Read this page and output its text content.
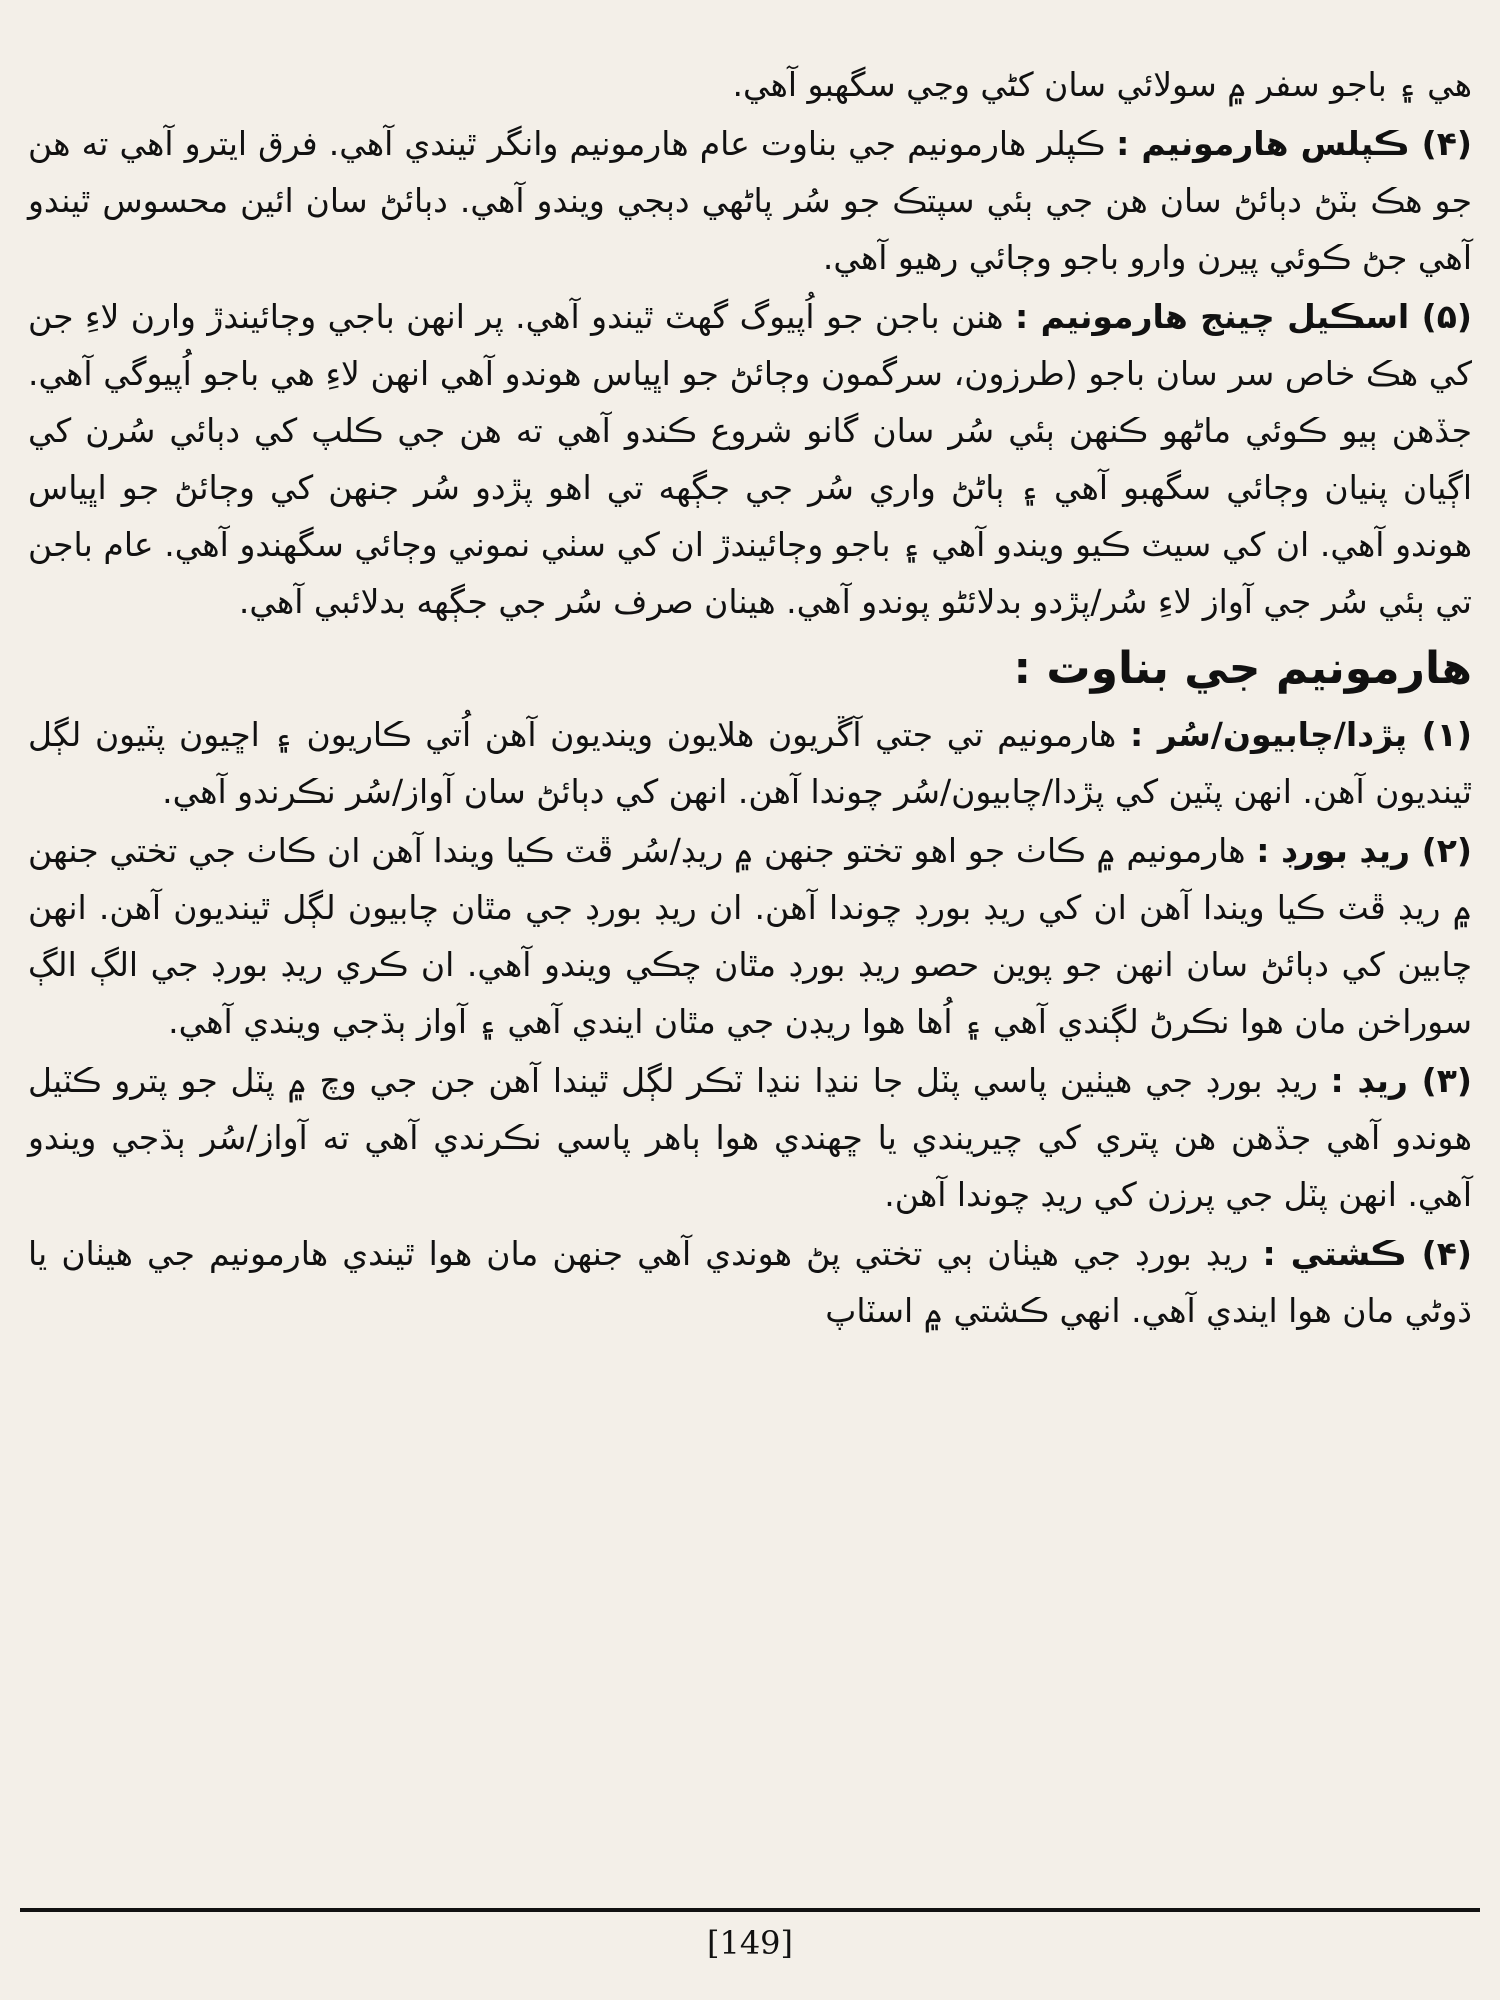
هي ۽ باجو سفر ۾ سولائي سان کڻي وڃي سگهبو آهي.

(۴) ڪپلس هارمونيم : ڪپلر هارمونيم جي بناوت عام هارمونيم وانگر ٿيندي آهي. فرق ايترو آهي ته هن جو هڪ بٽڻ دٻائڻ سان هن جي ٻئي سپتڪ جو سُر پاڻهي دٻجي ويندو آهي. دٻائڻ سان ائين محسوس ٿيندو آهي جڻ ڪوئي پيرن وارو باجو وڄائي رهيو آهي.

(۵) اسڪيل چينج هارمونيم : هنن باجن جو اُپيوگ گهٽ ٿيندو آهي. پر انهن باجي وڄائيندڙ وارن لاءِ جن کي هڪ خاص سر سان باجو (طرزون، سرگمون وڄائڻ جو اڀياس هوندو آهي انهن لاءِ هي باجو اُپيوگي آهي. جڏهن ٻيو ڪوئي ماڻهو ڪنهن ٻئي سُر سان گانو شروع ڪندو آهي ته هن جي ڪلپ کي دٻائي سُرن کي اڳيان پنيان وڄائي سگهبو آهي ۽ ٻاڻڻ واري سُر جي جڳهه تي اهو پڙدو سُر جنهن کي وڄائڻ جو اڀياس هوندو آهي. ان کي سيٽ ڪيو ويندو آهي ۽ باجو وڄائيندڙ ان کي سٺي نموني وڄائي سگهندو آهي. عام باجن تي ٻئي سُر جي آواز لاءِ سُر/پڙدو بدلائڻو پوندو آهي. هينان صرف سُر جي جڳهه بدلائبي آهي.

هارمونيم جي بناوت :

(۱) پڙدا/چابيون/سُر : هارمونيم تي جتي آڱريون هلايون وينديون آهن اُتي ڪاريون ۽ اڇيون پٽيون لڳل ٿينديون آهن. انهن پٽين کي پڙدا/چابيون/سُر چوندا آهن. انهن کي دٻائڻ سان آواز/سُر نڪرندو آهي.

(۲) ريڊ بورڊ : هارمونيم ۾ ڪاٺ جو اهو تختو جنهن ۾ ريڊ/سُر ڦٽ ڪيا ويندا آهن ان ڪاٺ جي تختي جنهن ۾ ريڊ ڦٽ ڪيا ويندا آهن ان کي ريڊ بورڊ چوندا آهن. ان ريڊ بورڊ جي مٿان چابيون لڳل ٿينديون آهن. انهن چابين کي دٻائڻ سان انهن جو پوين حصو ريڊ بورڊ مٿان چڪي ويندو آهي. ان ڪري ريڊ بورڊ جي الڳ الڳ سوراخن مان هوا نڪرڻ لڳندي آهي ۽ اُها هوا ريڊن جي مٿان ايندي آهي ۽ آواز ٻڌجي ويندي آهي.

(۳) ريڊ : ريڊ بورڊ جي هيٺين پاسي پٽل جا ننڍا ننڍا ٽڪر لڳل ٿيندا آهن جن جي وچ ۾ پٽل جو پترو ڪٽيل هوندو آهي جڏهن هن پتري کي چيريندي يا ڇهندي هوا ٻاهر پاسي نڪرندي آهي ته آواز/سُر ٻڌجي ويندو آهي. انهن پٽل جي پرزن کي ريڊ چوندا آهن.

(۴) ڪشتي : ريڊ بورڊ جي هيٺان ٻي تختي پڻ هوندي آهي جنهن مان هوا ٿيندي هارمونيم جي هيٺان يا ڌوڻي مان هوا ايندي آهي. انهي ڪشتي ۾ اسٽاپ

[149]
